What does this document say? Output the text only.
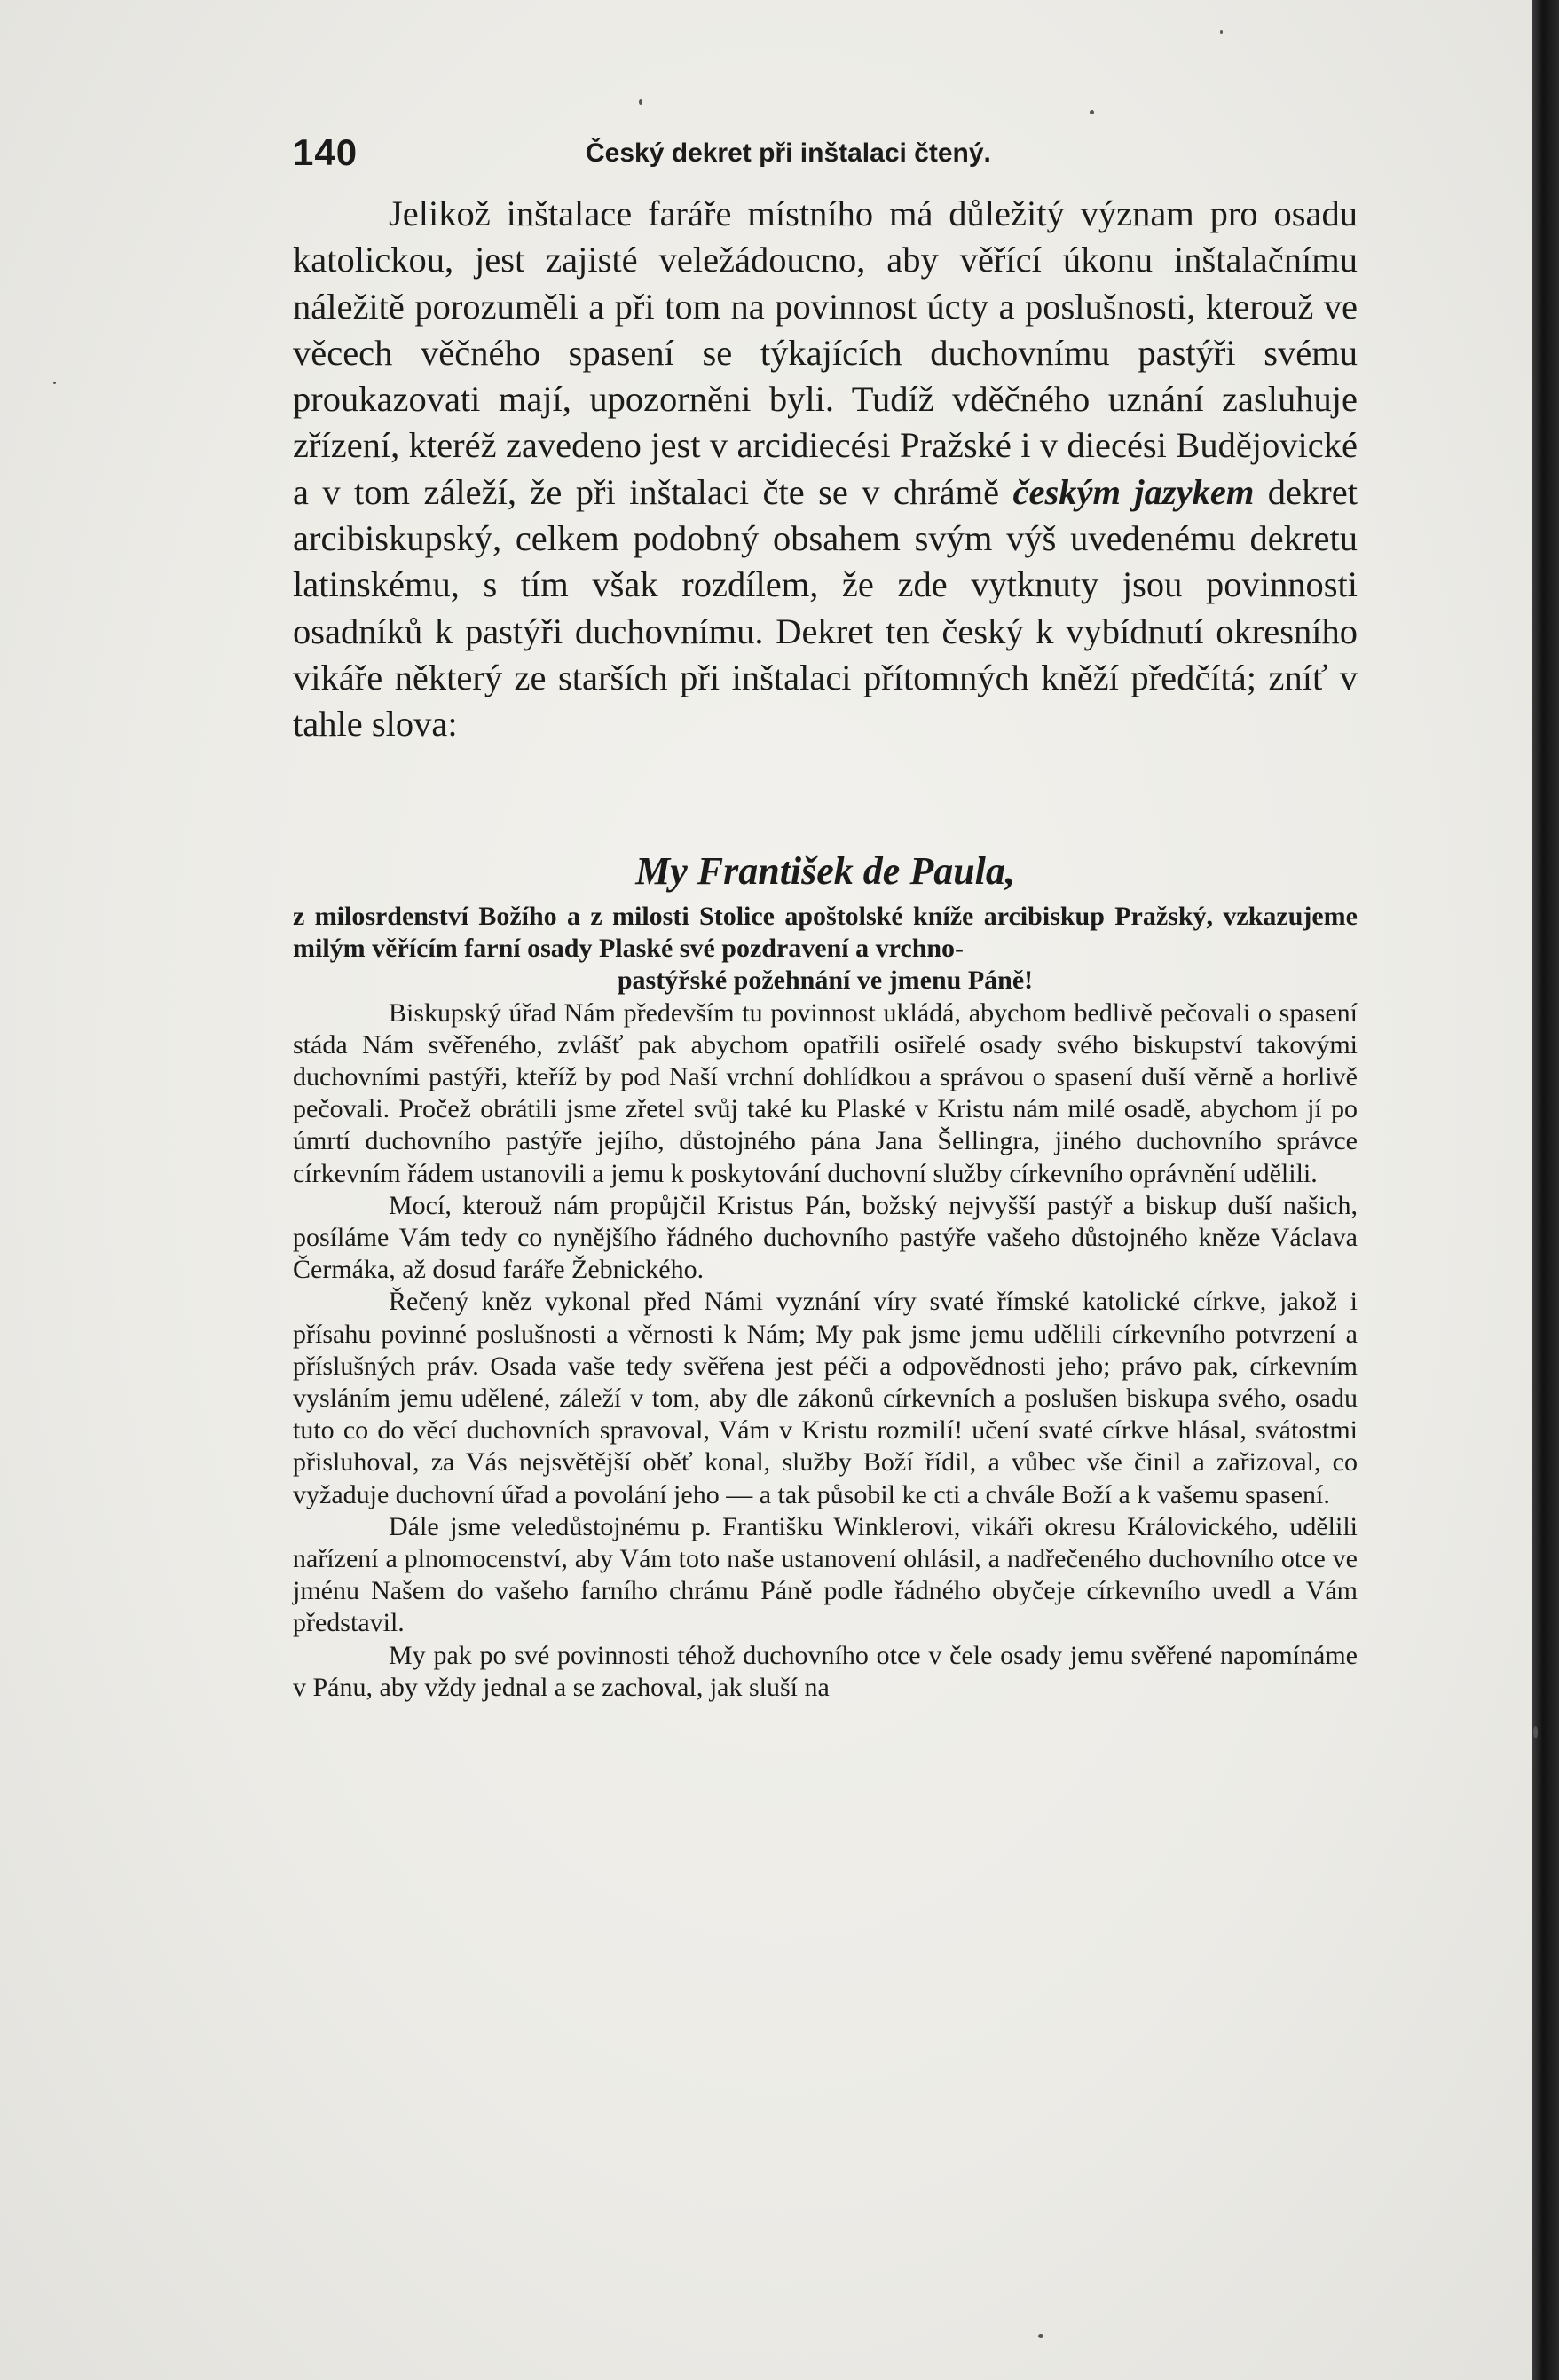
140	Český dekret při inštalaci čtený.

Jelikož inštalace faráře místního má důležitý význam pro osadu katolickou, jest zajisté veležádoucno, aby věřící úkonu inštalačnímu náležitě porozuměli a při tom na povinnost úcty a poslušnosti, kterouž ve věcech věčného spasení se týkajících duchovnímu pastýři svému proukazovati mají, upozorněni byli. Tudíž vděčného uznání zasluhuje zřízení, kteréž zavedeno jest v arcidiecési Pražské i v diecési Budějovické a v tom záleží, že při inštalaci čte se v chrámě českým jazykem dekret arcibiskupský, celkem podobný obsahem svým výš uvedenému dekretu latinskému, s tím však rozdílem, že zde vytknuty jsou povinnosti osadníků k pastýři duchovnímu. Dekret ten český k vybídnutí okresního vikáře některý ze starších při inštalaci přítomných kněží předčítá; zníť v tahle slova:

My František de Paula,

z milosrdenství Božího a z milosti Stolice apoštolské kníže arcibiskup Pražský, vzkazujeme milým věřícím farní osady Plaské své pozdravení a vrchno-
pastýřské požehnání ve jmenu Páně!

Biskupský úřad Nám především tu povinnost ukládá, abychom bedlivě pečovali o spasení stáda Nám svěřeného, zvlášť pak abychom opatřili osiřelé osady svého biskupství takovými duchovními pastýři, kteříž by pod Naší vrchní dohlídkou a správou o spasení duší věrně a horlivě pečovali. Pročež obrátili jsme zřetel svůj také ku Plaské v Kristu nám milé osadě, abychom jí po úmrtí duchovního pastýře jejího, důstojného pána Jana Šellingra, jiného duchovního správce církevním řádem ustanovili a jemu k poskytování duchovní služby církevního oprávnění udělili.

Mocí, kterouž nám propůjčil Kristus Pán, božský nejvyšší pastýř a biskup duší našich, posíláme Vám tedy co nynějšího řádného duchovního pastýře vašeho důstojného kněze Václava Čermáka, až dosud faráře Žebnického.

Řečený kněz vykonal před Námi vyznání víry svaté římské katolické církve, jakož i přísahu povinné poslušnosti a věrnosti k Nám; My pak jsme jemu udělili církevního potvrzení a příslušných práv. Osada vaše tedy svěřena jest péči a odpovědnosti jeho; právo pak, církevním vysláním jemu udělené, záleží v tom, aby dle zákonů církevních a poslušen biskupa svého, osadu tuto co do věcí duchovních spravoval, Vám v Kristu rozmilí! učení svaté církve hlásal, svátostmi přisluhoval, za Vás nejsvětější oběť konal, služby Boží řídil, a vůbec vše činil a zařizoval, co vyžaduje duchovní úřad a povolání jeho — a tak působil ke cti a chvále Boží a k vašemu spasení.

Dále jsme veledůstojnému p. Františku Winklerovi, vikáři okresu Královického, udělili nařízení a plnomocenství, aby Vám toto naše ustanovení ohlásil, a nadřečeného duchovního otce ve jménu Našem do vašeho farního chrámu Páně podle řádného obyčeje církevního uvedl a Vám představil.

My pak po své povinnosti téhož duchovního otce v čele osady jemu svěřené napomínáme v Pánu, aby vždy jednal a se zachoval, jak sluší na
